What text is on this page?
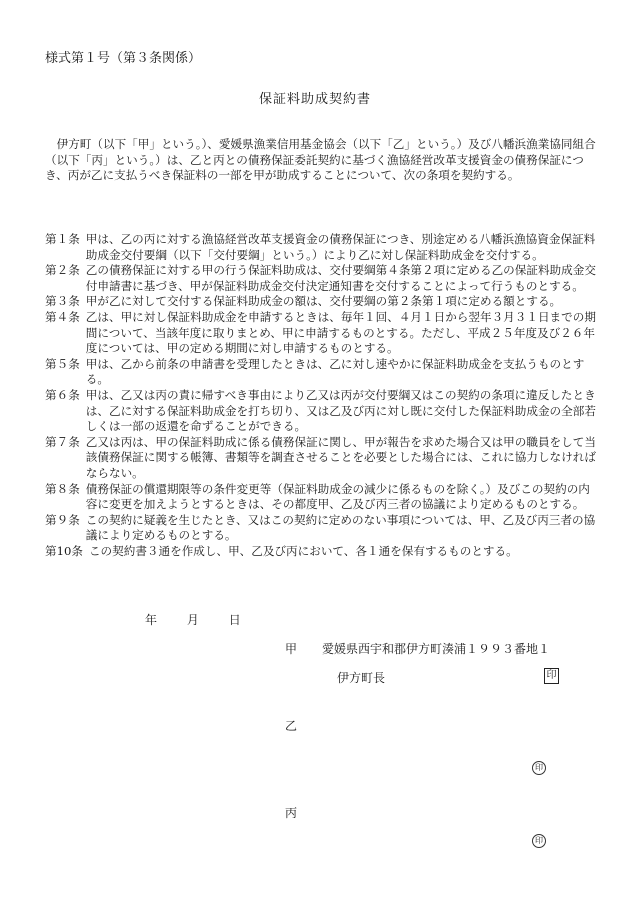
様式第１号（第３条関係）
保証料助成契約書

伊方町（以下「甲」という。）、愛媛県漁業信用基金協会（以下「乙」という。）及び八幡浜漁業協同組合（以下「丙」という。）は、乙と丙との債務保証委託契約に基づく漁協経営改革支援資金の債務保証につき、丙が乙に支払うべき保証料の一部を甲が助成することについて、次の条項を契約する。

第１条 甲は、乙の丙に対する漁協経営改革支援資金の債務保証につき、別途定める八幡浜漁協資金保証料助成金交付要綱（以下「交付要綱」という。）により乙に対し保証料助成金を交付する。
第２条 乙の債務保証に対する甲の行う保証料助成は、交付要綱第４条第２項に定める乙の保証料助成金交付申請書に基づき、甲が保証料助成金交付決定通知書を交付することによって行うものとする。
第３条 甲が乙に対して交付する保証料助成金の額は、交付要綱の第２条第１項に定める額とする。
第４条 乙は、甲に対し保証料助成金を申請するときは、毎年１回、４月１日から翌年３月３１日までの期間について、当該年度に取りまとめ、甲に申請するものとする。ただし、平成２５年度及び２６年度については、甲の定める期間に対し申請するものとする。
第５条 甲は、乙から前条の申請書を受理したときは、乙に対し速やかに保証料助成金を支払うものとする。
第６条 甲は、乙又は丙の責に帰すべき事由により乙又は丙が交付要綱又はこの契約の条項に違反したときは、乙に対する保証料助成金を打ち切り、又は乙及び丙に対し既に交付した保証料助成金の全部若しくは一部の返還を命ずることができる。
第７条 乙又は丙は、甲の保証料助成に係る債務保証に関し、甲が報告を求めた場合又は甲の職員をして当該債務保証に関する帳簿、書類等を調査させることを必要とした場合には、これに協力しなければならない。
第８条 債務保証の償還期限等の条件変更等（保証料助成金の減少に係るものを除く。）及びこの契約の内容に変更を加えようとするときは、その都度甲、乙及び丙三者の協議により定めるものとする。
第９条 この契約に疑義を生じたとき、又はこの契約に定めのない事項については、甲、乙及び丙三者の協議により定めるものとする。
第10条 この契約書３通を作成し、甲、乙及び丙において、各１通を保有するものとする。
年 月 日
甲 愛媛県西宇和郡伊方町湊浦１９９３番地１
伊方町長	印
乙
印
丙
印
